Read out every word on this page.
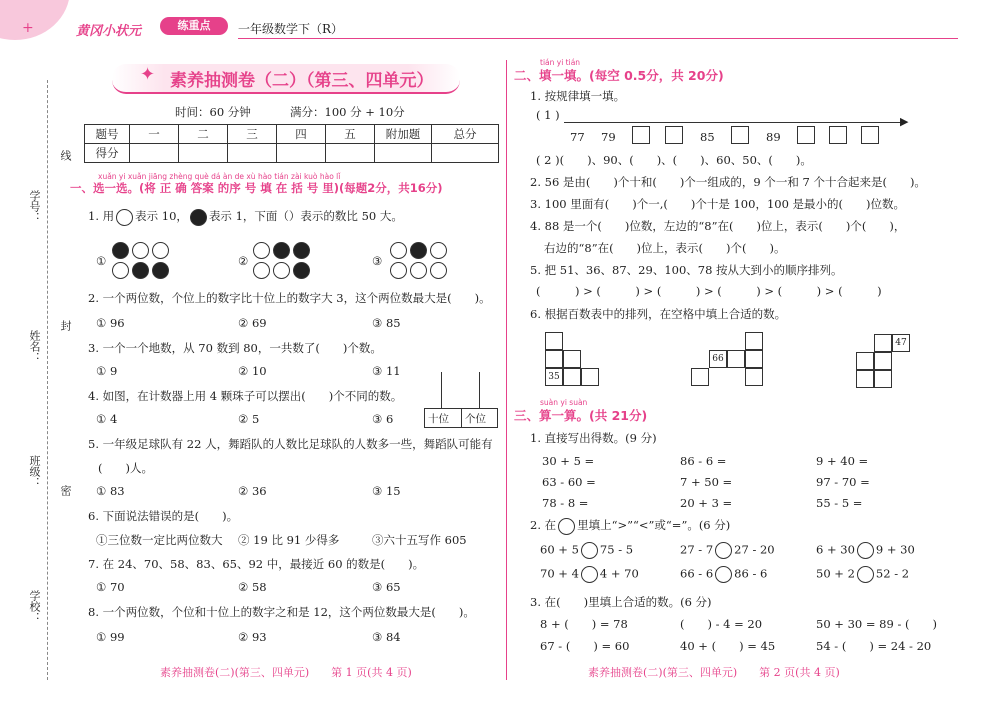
+	黄冈小状元	练重点	一年级数学下（R）
学号：
姓名：
班级：
学校：
线
封
密
✦ 素养抽测卷（二）（第三、四单元）
时间：60 分钟	满分：100 分 + 10分
题号	一	二	三	四	五	附加题	总分
得分							
xuǎn yi xuǎn jiāng zhèng què dá àn de xù hào tián zài kuò hào lǐ
一、选一选。(将 正 确 答案 的序 号 填 在 括 号 里)(每题2分，共16分)
1. 用 表示 10， 表示 1，下面（）表示的数比 50 大。
①	②	③
2. 一个两位数，个位上的数字比十位上的数字大 3，这个两位数最大是(　　)。
① 96	② 69	③ 85
3. 一个一个地数，从 70 数到 80，一共数了(　　)个数。
① 9	② 10	③ 11
4. 如图，在计数器上用 4 颗珠子可以摆出(　　)个不同的数。
① 4	② 5	③ 6	十位 个位
5. 一年级足球队有 22 人，舞蹈队的人数比足球队的人数多一些，舞蹈队可能有
(　　)人。
① 83	② 36	③ 15
6. 下面说法错误的是(　　)。
①三位数一定比两位数大 ② 19 比 91 少得多	③六十五写作 605
7. 在 24、70、58、83、65、92 中，最接近 60 的数是(　　)。
① 70	② 58	③ 65
8. 一个两位数，个位和十位上的数字之和是 12，这个两位数最大是(　　)。
① 99	② 93	③ 84
tián yi tián
二、填一填。(每空 0.5分，共 20分)
1. 按规律填一填。
( 1 )	▶
77 79	85	89
( 2 )(　　)、90、(　　)、(　　)、60、50、(　　)。
2. 56 是由(　　)个十和(　　)个一组成的，9 个一和 7 个十合起来是(　　)。
3. 100 里面有(　　)个一,(　　)个十是 100，100 是最小的(　　)位数。
4. 88 是一个(　　)位数，左边的“8”在(　　)位上，表示(　　)个(　　)，
右边的“8”在(　　)位上，表示(　　)个(　　)。
5. 把 51、36、87、29、100、78 按从大到小的顺序排列。
(　　　) > (　　　) > (　　　) > (　　　) > (　　　) > (　　　)
6. 根据百数表中的排列，在空格中填上合适的数。
35
66
47
suàn yi suàn
三、算一算。(共 21分)
1. 直接写出得数。(9 分)
30 + 5 =	86 - 6 =	9 + 40 =
63 - 60 =	7 + 50 =	97 - 70 =
78 - 8 =	20 + 3 =	55 - 5 =
2. 在 里填上“>”“<”或“=”。(6 分)
60 + 5 75 - 5	27 - 7 27 - 20	6 + 30 9 + 30
70 + 4 4 + 70	66 - 6 86 - 6	50 + 2 52 - 2
3. 在(　　)里填上合适的数。(6 分)
8 + (　　) = 78	(　　) - 4 = 20	50 + 30 = 89 - (　　)
67 - (　　) = 60	40 + (　　) = 45	54 - (　　) = 24 - 20
素养抽测卷(二)(第三、四单元)　　第 1 页(共 4 页)	素养抽测卷(二)(第三、四单元)　　第 2 页(共 4 页)
